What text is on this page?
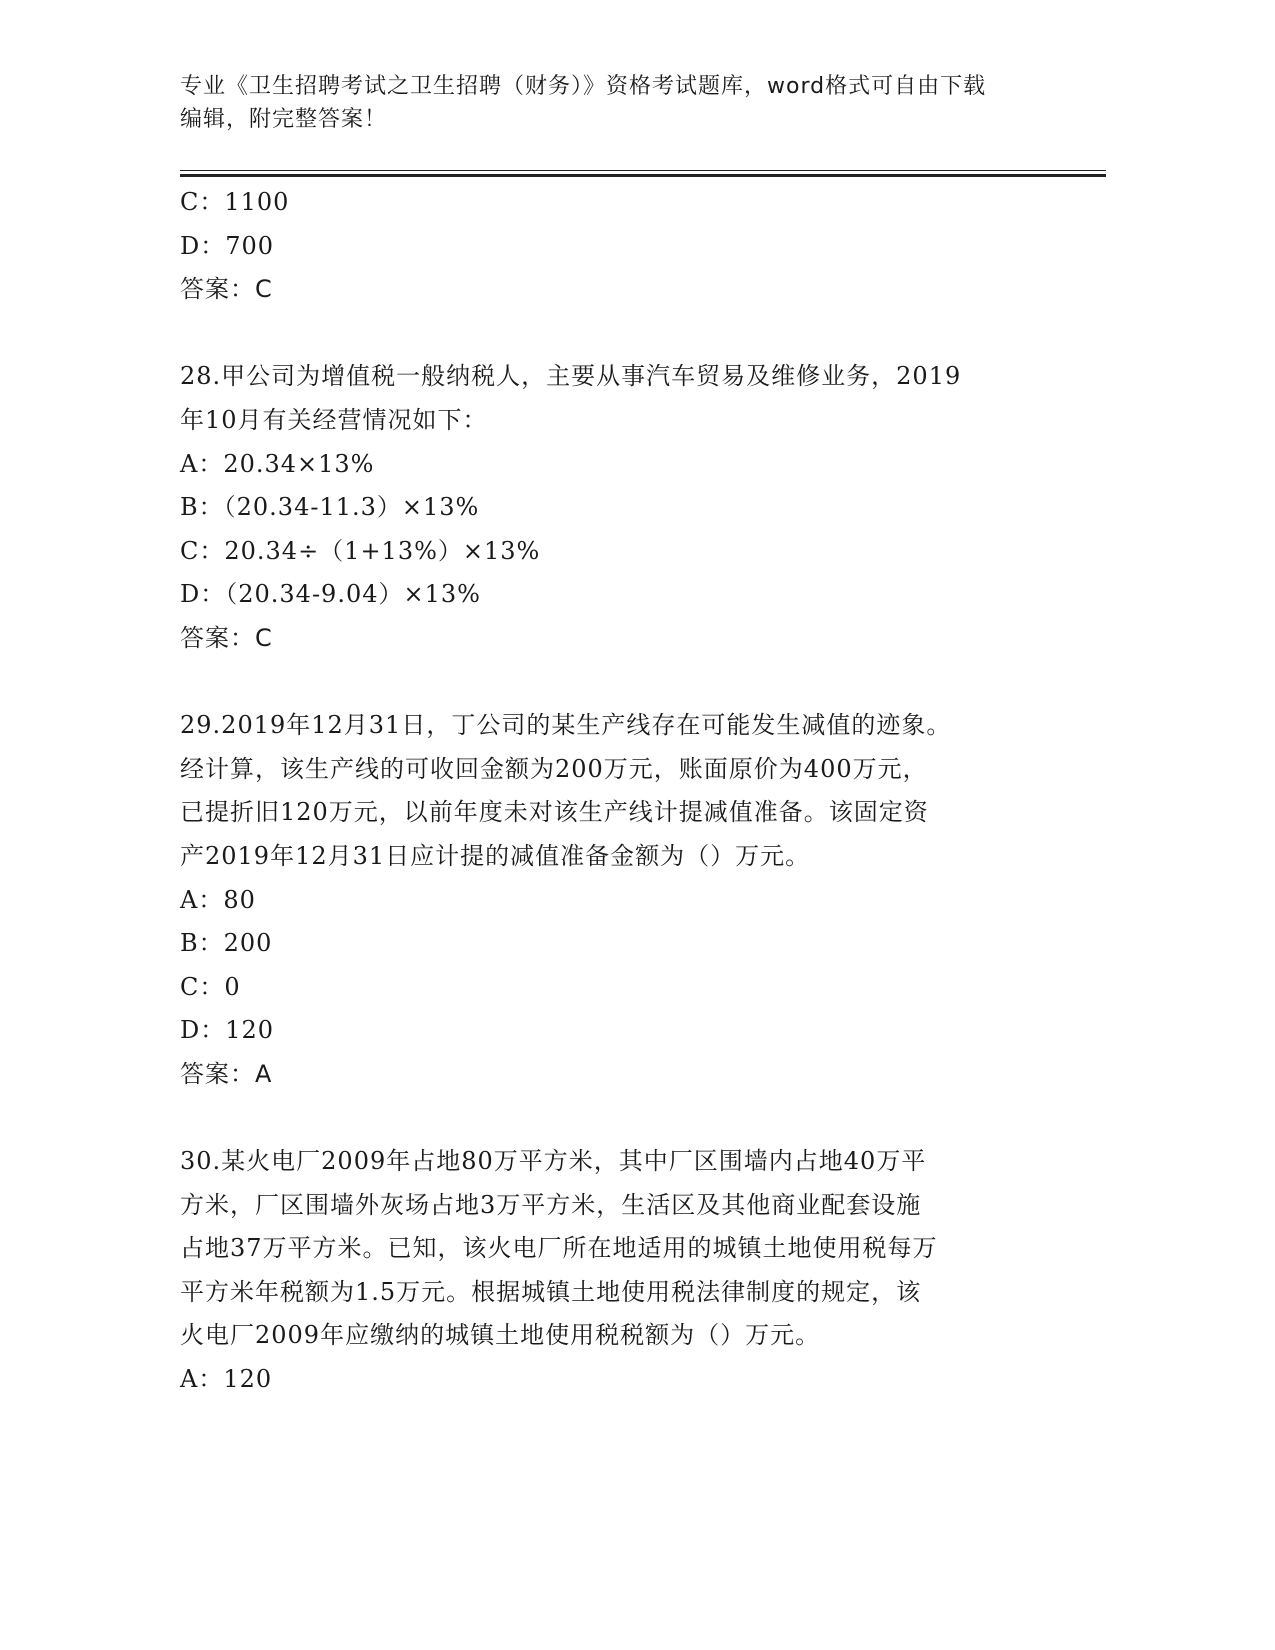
专业《卫生招聘考试之卫生招聘（财务）》资格考试题库，word格式可自由下载
编辑，附完整答案！
C：1100
D：700
答案：C
28.甲公司为增值税一般纳税人，主要从事汽车贸易及维修业务，2019
年10月有关经营情况如下：
A：20.34×13%
B：（20.34-11.3）×13%
C：20.34÷（1+13%）×13%
D：（20.34-9.04）×13%
答案：C
29.2019年12月31日，丁公司的某生产线存在可能发生减值的迹象。
经计算，该生产线的可收回金额为200万元，账面原价为400万元，
已提折旧120万元，以前年度未对该生产线计提减值准备。该固定资
产2019年12月31日应计提的减值准备金额为（）万元。
A：80
B：200
C：0
D：120
答案：A
30.某火电厂2009年占地80万平方米，其中厂区围墙内占地40万平
方米，厂区围墙外灰场占地3万平方米，生活区及其他商业配套设施
占地37万平方米。已知，该火电厂所在地适用的城镇土地使用税每万
平方米年税额为1.5万元。根据城镇土地使用税法律制度的规定，该
火电厂2009年应缴纳的城镇土地使用税税额为（）万元。
A：120
